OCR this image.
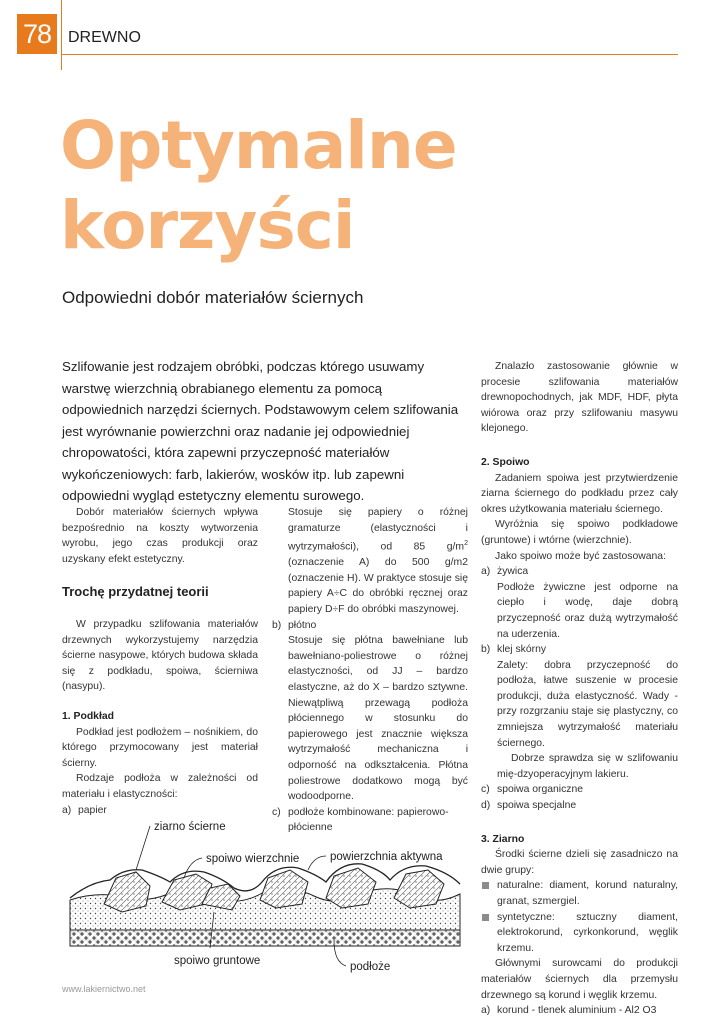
78	DREWNO
Optymalne
korzyści
Odpowiedni dobór materiałów ściernych
Szlifowanie jest rodzajem obróbki, podczas którego usuwamy warstwę wierzchnią obrabianego elementu za pomocą odpowiednich narzędzi ściernych. Podstawowym celem szlifowania jest wyrównanie powierzchni oraz nadanie jej odpowiedniej chropowatości, która zapewni przyczepność materiałów wykończeniowych: farb, lakierów, wosków itp. lub zapewni odpowiedni wygląd estetyczny elementu surowego.

Dobór materiałów ściernych wpływa bezpośrednio na koszty wytworzenia wyrobu, jego czas produkcji oraz uzyskany efekt estetyczny.

Trochę przydatnej teorii

W przypadku szlifowania materiałów drzewnych wykorzystujemy narzędzia ścierne nasypowe, których budowa składa się z podkładu, spoiwa, ścierniwa (nasypu).

1. Podkład

Podkład jest podłożem – nośnikiem, do którego przymocowany jest materiał ścierny.

Rodzaje podłoża w zależności od materiału i elastyczności:

a) papier

Stosuje się papiery o różnej gramaturze (elastyczności i wytrzymałości), od 85 $g/m^2$ (oznaczenie A) do 500 g/m2 (oznaczenie H). W praktyce stosuje się papiery A÷C do obróbki ręcznej oraz papiery D÷F do obróbki maszynowej.

b) płótno

Stosuje się płótna bawełniane lub bawełniano-poliestrowe o różnej elastyczności, od JJ – bardzo elastyczne, aż do X – bardzo sztywne. Niewątpliwą przewagą podłoża płóciennego w stosunku do papierowego jest znacznie większa wytrzymałość mechaniczna i odporność na odkształcenia. Płótna poliestrowe dodatkowo mogą być wodoodporne.

c) podłoże kombinowane: papierowo-płócienne

Znalazło zastosowanie głównie w procesie szlifowania materiałów drewnopochodnych, jak MDF, HDF, płyta wiórowa oraz przy szlifowaniu masywu klejonego.

2. Spoiwo

Zadaniem spoiwa jest przytwierdzenie ziarna ściernego do podkładu przez cały okres użytkowania materiału ściernego.

Wyróżnia się spoiwo podkładowe (gruntowe) i wtórne (wierzchnie).

Jako spoiwo może być zastosowana:

a) żywica

Podłoże żywiczne jest odporne na ciepło i wodę, daje dobrą przyczepność oraz dużą wytrzymałość na uderzenia.

b) klej skórny

Zalety: dobra przyczepność do podłoża, łatwe suszenie w procesie produkcji, duża elastyczność. Wady - przy rozgrzaniu staje się plastyczny, co zmniejsza wytrzymałość materiału ściernego.

Dobrze sprawdza się w szlifowaniu mię-dzyoperacyjnym lakieru.

c) spoiwa organiczne

d) spoiwa specjalne

3. Ziarno

Środki ścierne dzieli się zasadniczo na dwie grupy:

naturalne: diament, korund naturalny, granat, szmergiel.

syntetyczne: sztuczny diament, elektrokorund, cyrkonkorund, węglik krzemu.

Głównymi surowcami do produkcji materiałów ściernych dla przemysłu drzewnego są korund i węglik krzemu.

a) korund - tlenek aluminium - Al2 O3

ziarno ścierne
spoiwo wierzchnie	powierzchnia aktywna
spoiwo gruntowe	podłoże
www.lakiernictwo.net
